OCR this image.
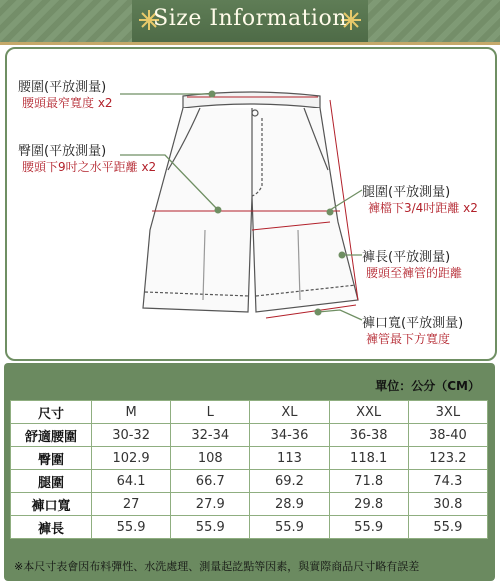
Size Information
腰圍(平放測量)
腰頭最窄寬度 x2
臀圍(平放測量)
腰頭下9吋之水平距離 x2
腿圍(平放測量)
褲檔下3/4吋距離 x2
褲長(平放測量)
腰頭至褲管的距離
褲口寬(平放測量)
褲管最下方寬度
單位：公分（CM）
尺寸	M	L	XL	XXL	3XL
舒適腰圍	30-32	32-34	34-36	36-38	38-40
臀圍	102.9	108	113	118.1	123.2
腿圍	64.1	66.7	69.2	71.8	74.3
褲口寬	27	27.9	28.9	29.8	30.8
褲長	55.9	55.9	55.9	55.9	55.9
※本尺寸表會因布料彈性、水洗處理、測量起訖點等因素，與實際商品尺寸略有誤差
